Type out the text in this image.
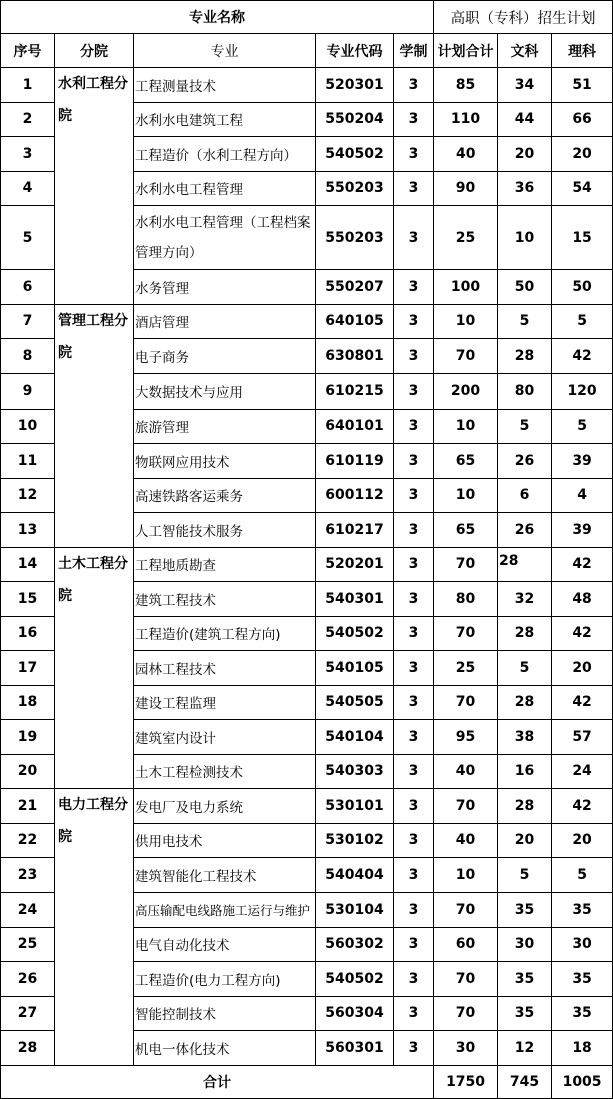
专业名称					高职（专科）招生计划		
序号	分院	专业	专业代码	学制	计划合计	文科	理科
1	水利工程分院	工程测量技术	520301	3	85	34	51
2		水利水电建筑工程	550204	3	110	44	66
3		工程造价（水利工程方向）	540502	3	40	20	20
4		水利水电工程管理	550203	3	90	36	54
5		水利水电工程管理（工程档案管理方向）	550203	3	25	10	15
6		水务管理	550207	3	100	50	50
7	管理工程分院	酒店管理	640105	3	10	5	5
8		电子商务	630801	3	70	28	42
9		大数据技术与应用	610215	3	200	80	120
10		旅游管理	640101	3	10	5	5
11		物联网应用技术	610119	3	65	26	39
12		高速铁路客运乘务	600112	3	10	6	4
13		人工智能技术服务	610217	3	65	26	39
14	土木工程分院	工程地质勘查	520201	3	70	28	42
15		建筑工程技术	540301	3	80	32	48
16		工程造价(建筑工程方向)	540502	3	70	28	42
17		园林工程技术	540105	3	25	5	20
18		建设工程监理	540505	3	70	28	42
19		建筑室内设计	540104	3	95	38	57
20		土木工程检测技术	540303	3	40	16	24
21	电力工程分院	发电厂及电力系统	530101	3	70	28	42
22		供用电技术	530102	3	40	20	20
23		建筑智能化工程技术	540404	3	10	5	5
24		高压输配电线路施工运行与维护	530104	3	70	35	35
25		电气自动化技术	560302	3	60	30	30
26		工程造价(电力工程方向)	540502	3	70	35	35
27		智能控制技术	560304	3	70	35	35
28		机电一体化技术	560301	3	30	12	18
合计					1750	745	1005
